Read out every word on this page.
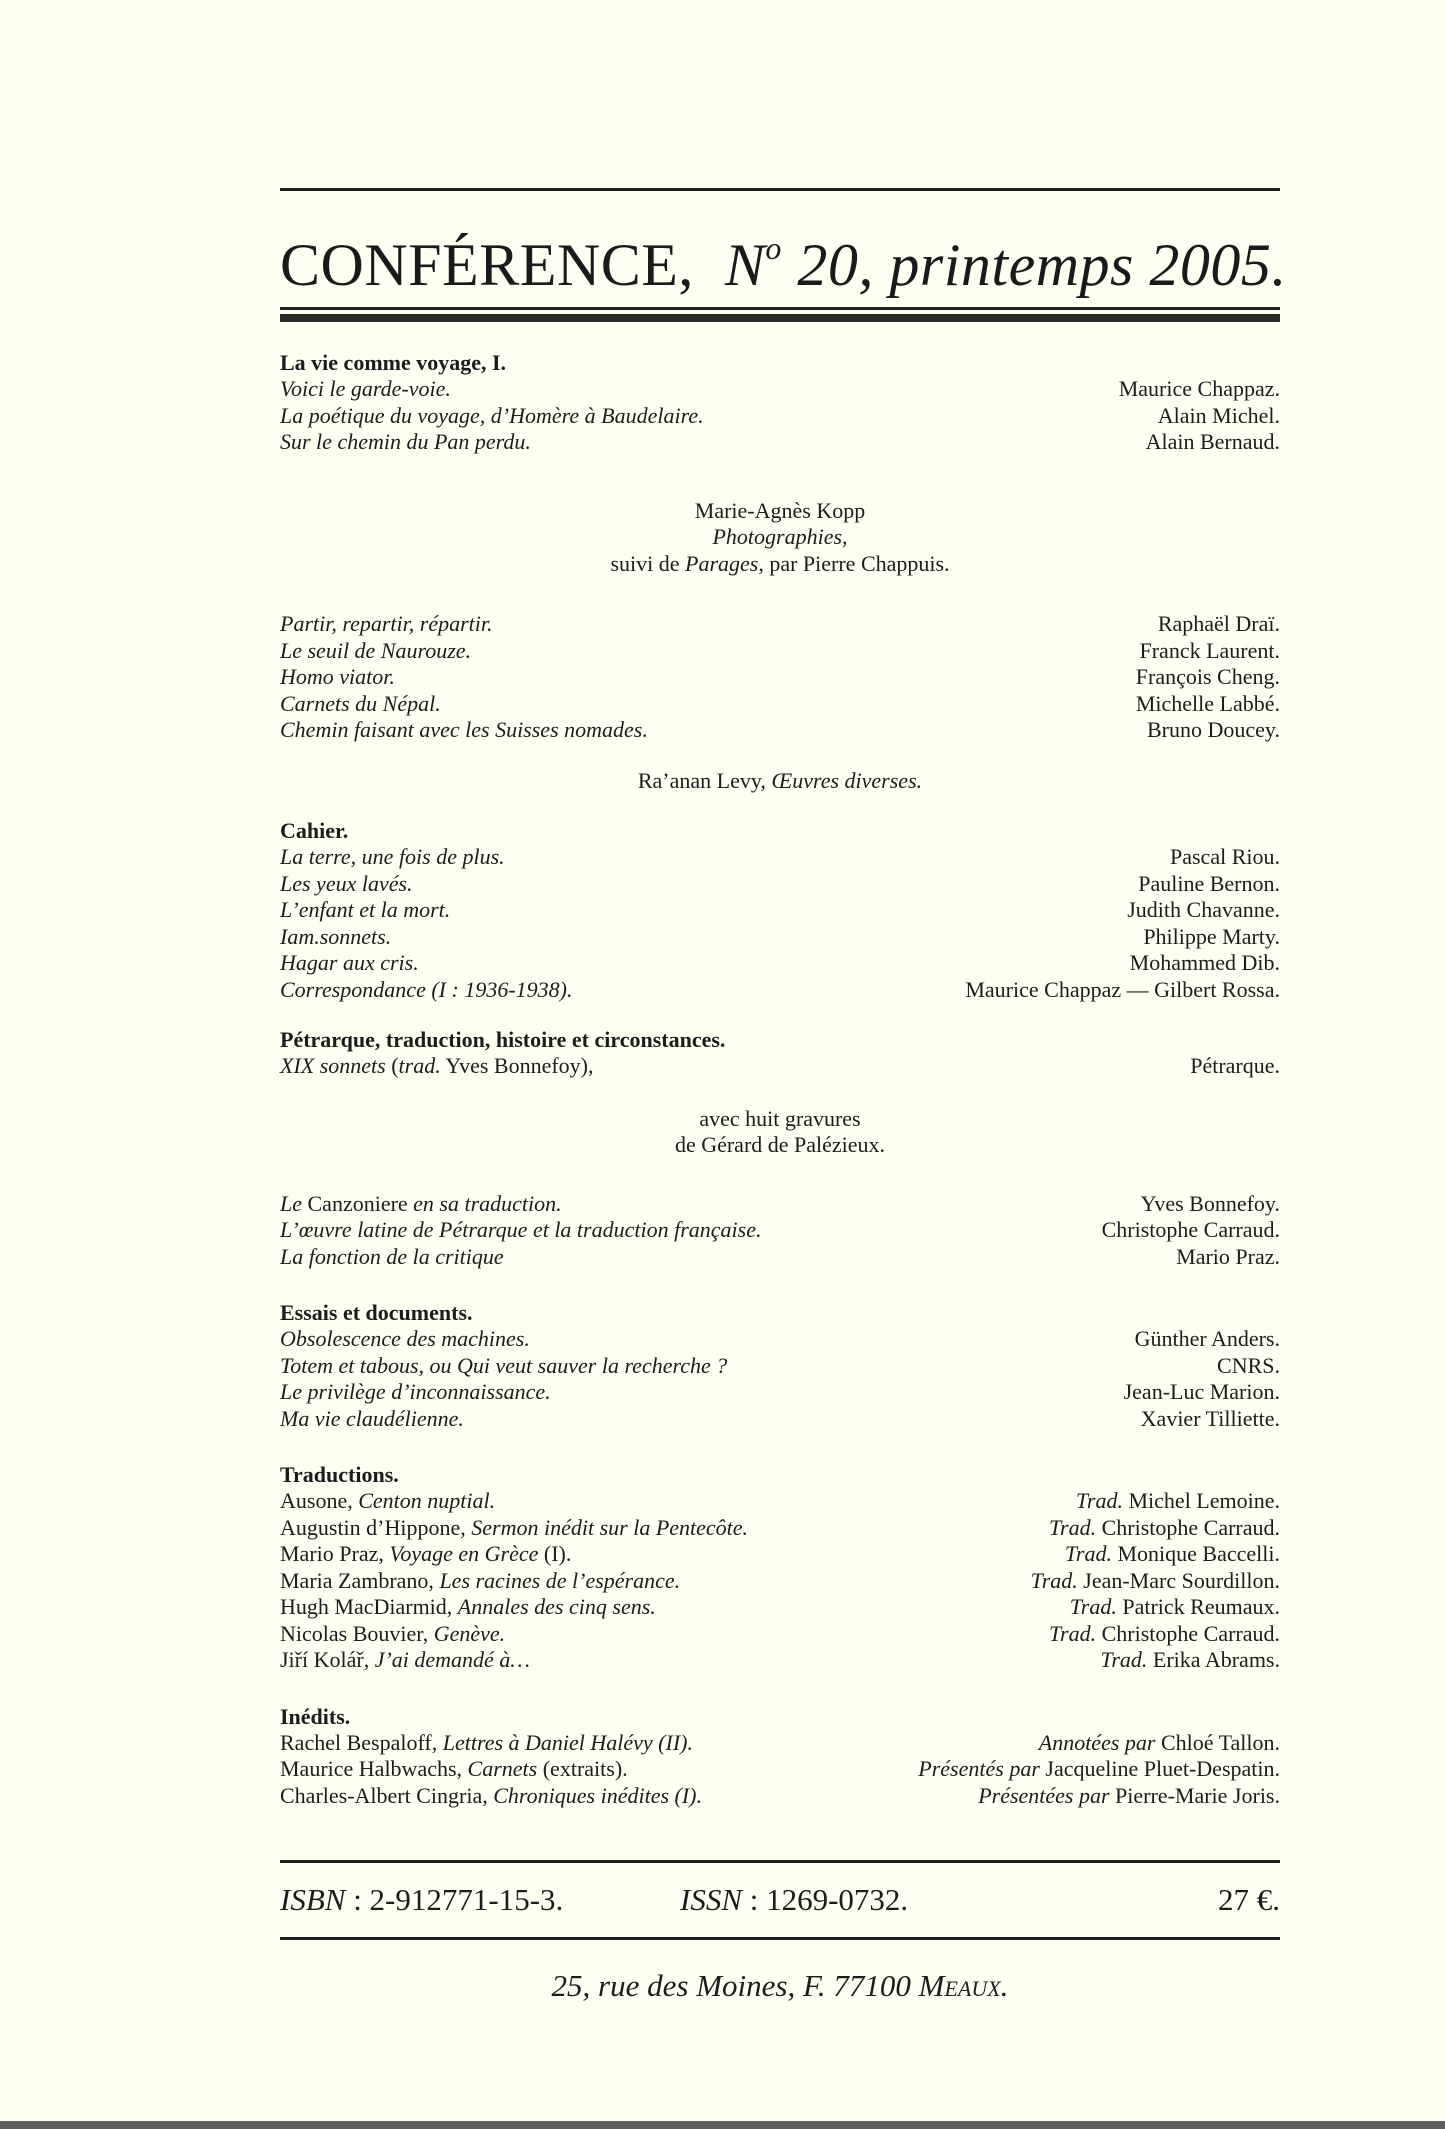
CONFÉRENCE, $N^o$ 20, printemps 2005.
La vie comme voyage, I.
Voici le garde-voie.	Maurice Chappaz.
La poétique du voyage, d’Homère à Baudelaire.	Alain Michel.
Sur le chemin du Pan perdu.	Alain Bernaud.
Marie-Agnès Kopp
Photographies,
suivi de Parages, par Pierre Chappuis.
Partir, repartir, répartir.	Raphaël Draï.
Le seuil de Naurouze.	Franck Laurent.
Homo viator.	François Cheng.
Carnets du Népal.	Michelle Labbé.
Chemin faisant avec les Suisses nomades.	Bruno Doucey.
Ra’anan Levy, Œuvres diverses.
Cahier.
La terre, une fois de plus.	Pascal Riou.
Les yeux lavés.	Pauline Bernon.
L’enfant et la mort.	Judith Chavanne.
Iam.sonnets.	Philippe Marty.
Hagar aux cris.	Mohammed Dib.
Correspondance (I : 1936-1938).	Maurice Chappaz — Gilbert Rossa.
Pétrarque, traduction, histoire et circonstances.
XIX sonnets (trad. Yves Bonnefoy),	Pétrarque.
avec huit gravures
de Gérard de Palézieux.
Le Canzoniere en sa traduction.	Yves Bonnefoy.
L’œuvre latine de Pétrarque et la traduction française.	Christophe Carraud.
La fonction de la critique	Mario Praz.
Essais et documents.
Obsolescence des machines.	Günther Anders.
Totem et tabous, ou Qui veut sauver la recherche ?	CNRS.
Le privilège d’inconnaissance.	Jean-Luc Marion.
Ma vie claudélienne.	Xavier Tilliette.
Traductions.
Ausone, Centon nuptial.	Trad. Michel Lemoine.
Augustin d’Hippone, Sermon inédit sur la Pentecôte.	Trad. Christophe Carraud.
Mario Praz, Voyage en Grèce (I).	Trad. Monique Baccelli.
Maria Zambrano, Les racines de l’espérance.	Trad. Jean-Marc Sourdillon.
Hugh MacDiarmid, Annales des cinq sens.	Trad. Patrick Reumaux.
Nicolas Bouvier, Genève.	Trad. Christophe Carraud.
Jiří Kolář, J’ai demandé à…	Trad. Erika Abrams.
Inédits.
Rachel Bespaloff, Lettres à Daniel Halévy (II).	Annotées par Chloé Tallon.
Maurice Halbwachs, Carnets (extraits).	Présentés par Jacqueline Pluet-Despatin.
Charles-Albert Cingria, Chroniques inédites (I).	Présentées par Pierre-Marie Joris.
ISBN : 2-912771-15-3.	ISSN : 1269-0732.	27 €.
25, rue des Moines, F. 77100 Meaux.
